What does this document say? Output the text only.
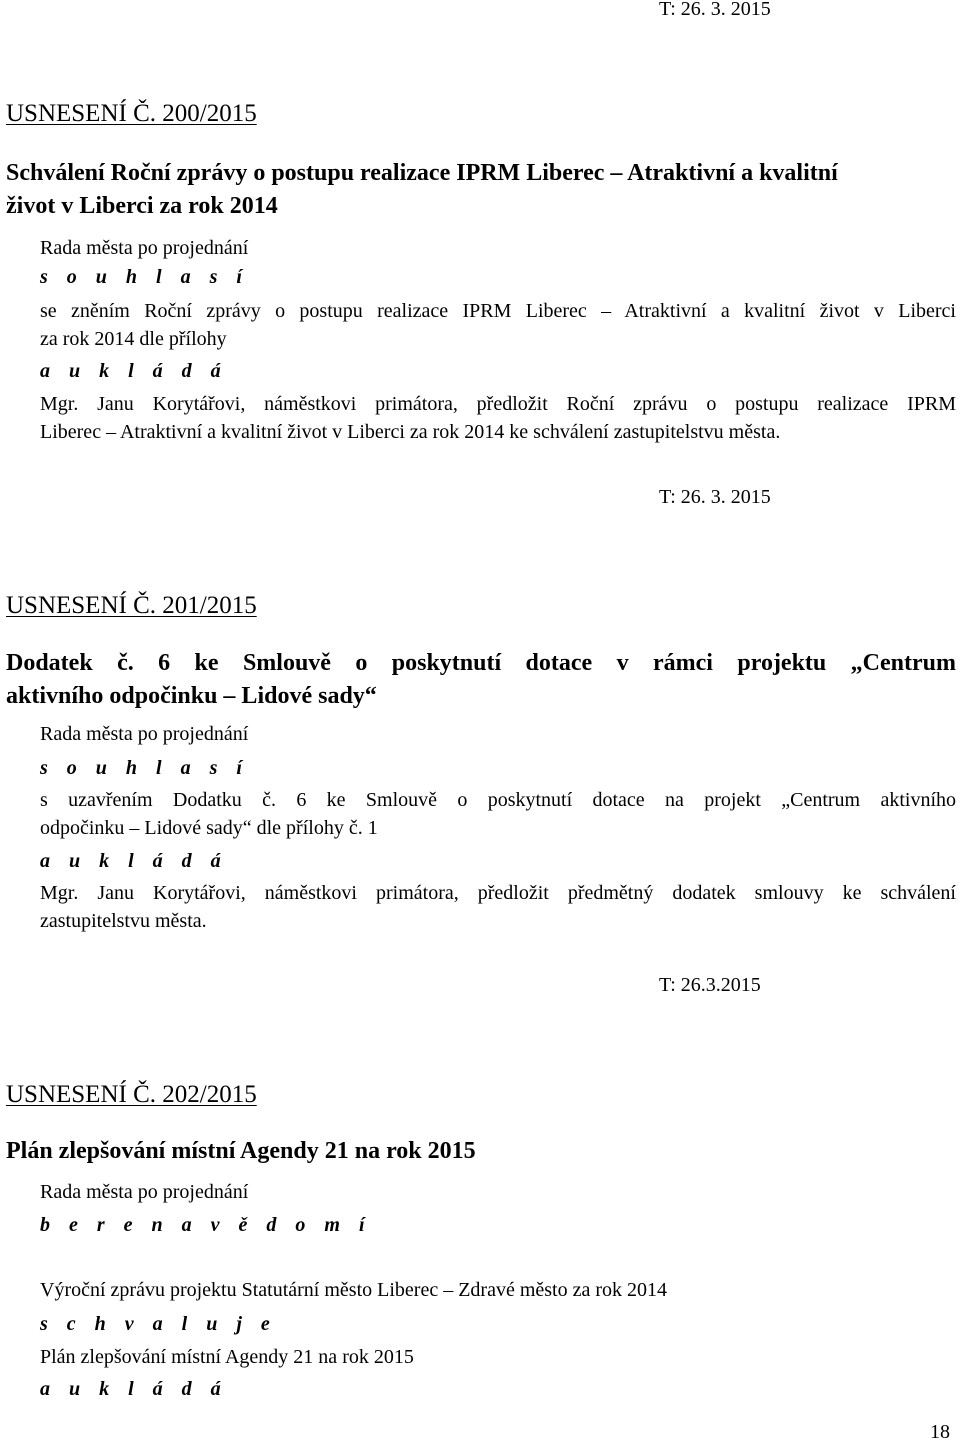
T: 26. 3. 2015
USNESENÍ Č. 200/2015
Schválení Roční zprávy o postupu realizace IPRM Liberec – Atraktivní a kvalitní
život v Liberci za rok 2014
Rada města po projednání
s o u h l a s í
se zněním Roční zprávy o postupu realizace IPRM Liberec – Atraktivní a kvalitní život v Liberci
za rok 2014 dle přílohy
a u k l á d á
Mgr. Janu Korytářovi, náměstkovi primátora, předložit Roční zprávu o postupu realizace IPRM
Liberec – Atraktivní a kvalitní život v Liberci za rok 2014 ke schválení zastupitelstvu města.
T: 26. 3. 2015
USNESENÍ Č. 201/2015
Dodatek č. 6 ke Smlouvě o poskytnutí dotace v rámci projektu „Centrum
aktivního odpočinku – Lidové sady“
Rada města po projednání
s o u h l a s í
s uzavřením Dodatku č. 6 ke Smlouvě o poskytnutí dotace na projekt „Centrum aktivního
odpočinku – Lidové sady“ dle přílohy č. 1
a u k l á d á
Mgr. Janu Korytářovi, náměstkovi primátora, předložit předmětný dodatek smlouvy ke schválení
zastupitelstvu města.
T: 26.3.2015
USNESENÍ Č. 202/2015
Plán zlepšování místní Agendy 21 na rok 2015
Rada města po projednání
b e r e n a v ě d o m í
Výroční zprávu projektu Statutární město Liberec – Zdravé město za rok 2014
s c h v a l u j e
Plán zlepšování místní Agendy 21 na rok 2015
a u k l á d á
18
